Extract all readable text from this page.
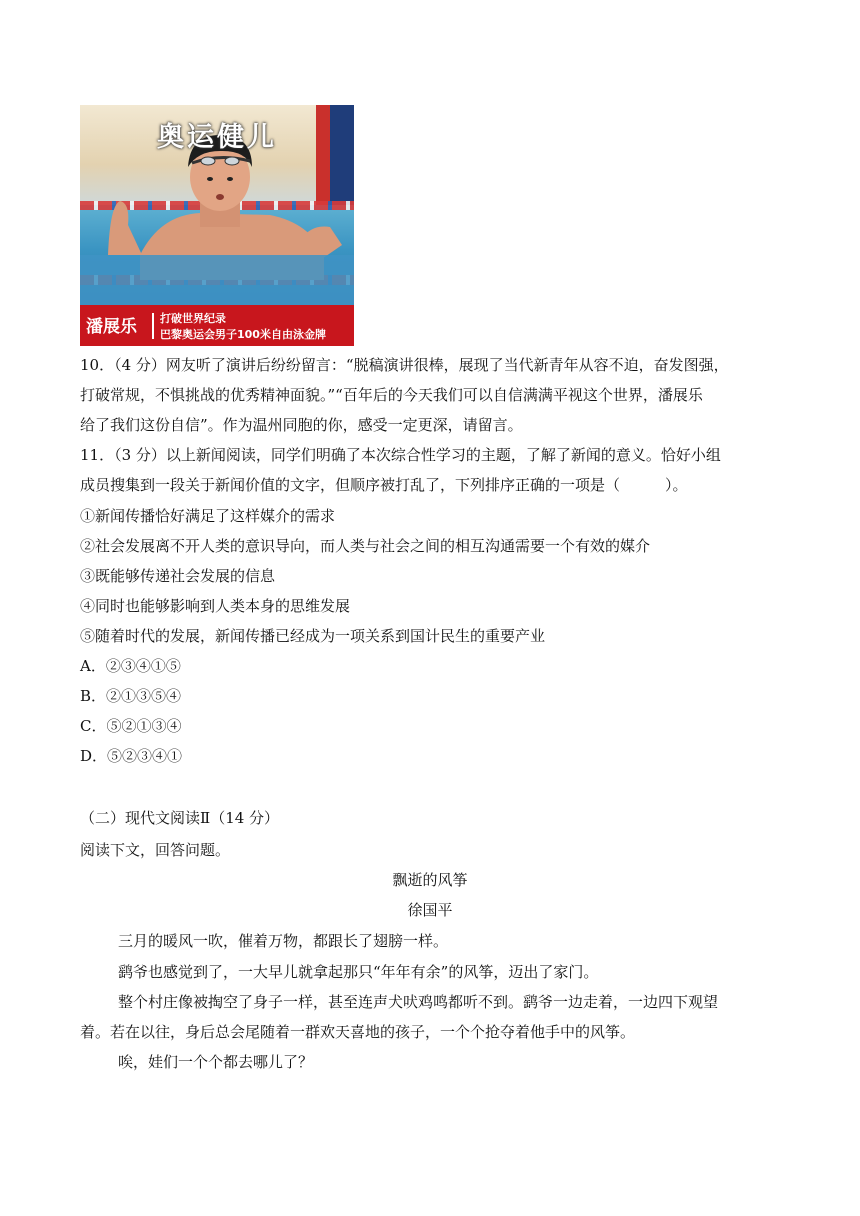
奥运健儿
潘展乐 打破世界纪录
巴黎奥运会男子100米自由泳金牌
10．（4 分）网友听了演讲后纷纷留言：“脱稿演讲很棒，展现了当代新青年从容不迫，奋发图强，
打破常规，不惧挑战的优秀精神面貌。”“百年后的今天我们可以自信满满平视这个世界，潘展乐
给了我们这份自信”。作为温州同胞的你，感受一定更深，请留言。
11．（3 分）以上新闻阅读，同学们明确了本次综合性学习的主题，了解了新闻的意义。恰好小组
成员搜集到一段关于新闻价值的文字，但顺序被打乱了，下列排序正确的一项是（　　　）。
①新闻传播恰好满足了这样媒介的需求
②社会发展离不开人类的意识导向，而人类与社会之间的相互沟通需要一个有效的媒介
③既能够传递社会发展的信息
④同时也能够影响到人类本身的思维发展
⑤随着时代的发展，新闻传播已经成为一项关系到国计民生的重要产业
A．②③④①⑤
B．②①③⑤④
C．⑤②①③④
D．⑤②③④①
（二）现代文阅读Ⅱ（14 分）
阅读下文，回答问题。
飘逝的风筝
徐国平
三月的暖风一吹，催着万物，都跟长了翅膀一样。
鹞爷也感觉到了，一大早儿就拿起那只“年年有余”的风筝，迈出了家门。
整个村庄像被掏空了身子一样，甚至连声犬吠鸡鸣都听不到。鹞爷一边走着，一边四下观望
着。若在以往，身后总会尾随着一群欢天喜地的孩子，一个个抢夺着他手中的风筝。
唉，娃们一个个都去哪儿了？
